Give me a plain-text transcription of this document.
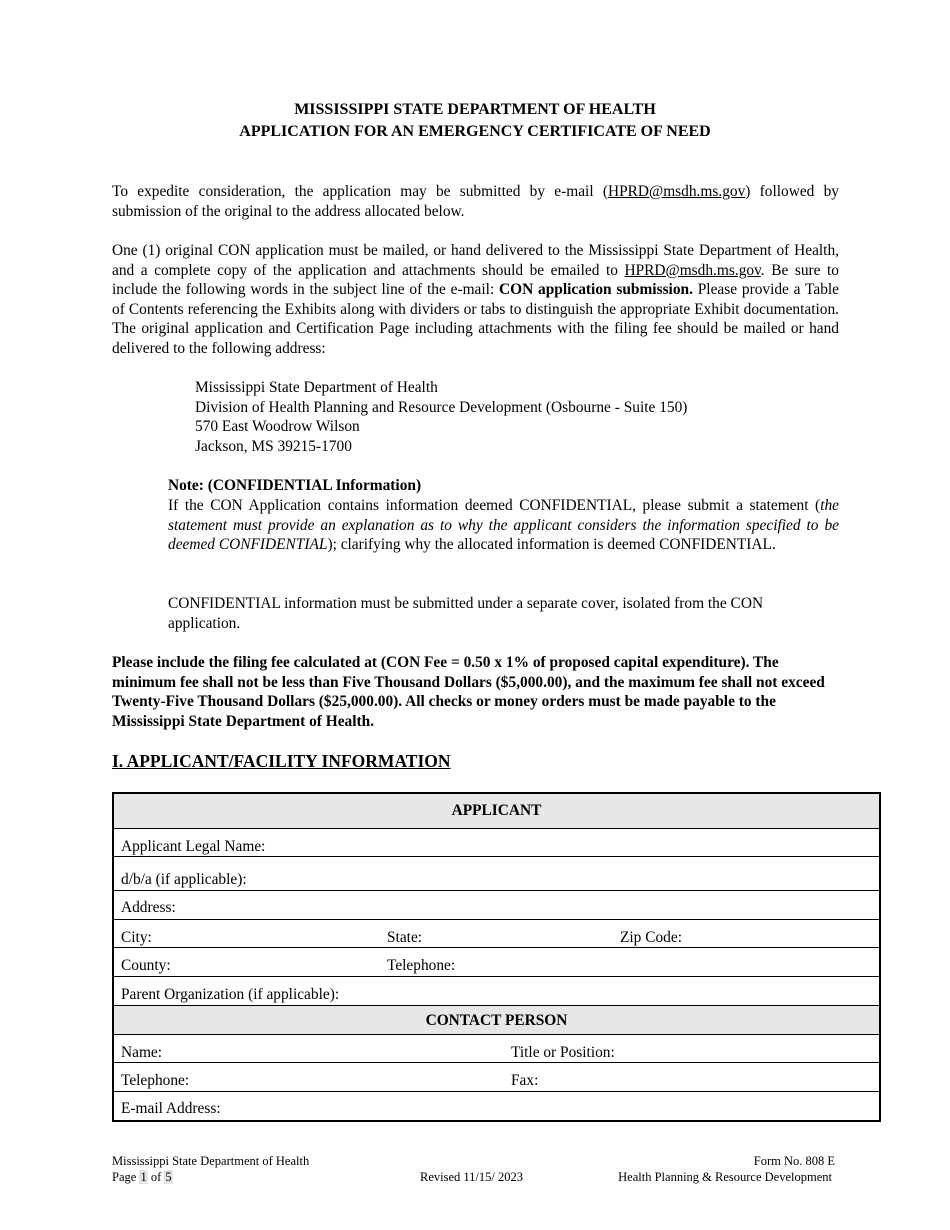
MISSISSIPPI STATE DEPARTMENT OF HEALTH
APPLICATION FOR AN EMERGENCY CERTIFICATE OF NEED

To expedite consideration, the application may be submitted by e-mail (HPRD@msdh.ms.gov) followed by submission of the original to the address allocated below.

One (1) original CON application must be mailed, or hand delivered to the Mississippi State Department of Health, and a complete copy of the application and attachments should be emailed to HPRD@msdh.ms.gov. Be sure to include the following words in the subject line of the e-mail: CON application submission. Please provide a Table of Contents referencing the Exhibits along with dividers or tabs to distinguish the appropriate Exhibit documentation. The original application and Certification Page including attachments with the filing fee should be mailed or hand delivered to the following address:

Mississippi State Department of Health
Division of Health Planning and Resource Development (Osbourne - Suite 150)
570 East Woodrow Wilson
Jackson, MS 39215-1700
Note: (CONFIDENTIAL Information)

If the CON Application contains information deemed CONFIDENTIAL, please submit a statement (the statement must provide an explanation as to why the applicant considers the information specified to be deemed CONFIDENTIAL); clarifying why the allocated information is deemed CONFIDENTIAL.

CONFIDENTIAL information must be submitted under a separate cover, isolated from the CON application.

Please include the filing fee calculated at (CON Fee = 0.50 x 1% of proposed capital expenditure). The minimum fee shall not be less than Five Thousand Dollars ($5,000.00), and the maximum fee shall not exceed Twenty-Five Thousand Dollars ($25,000.00). All checks or money orders must be made payable to the Mississippi State Department of Health.

I. APPLICANT/FACILITY INFORMATION
APPLICANT
Applicant Legal Name:
d/b/a (if applicable):
Address:
City:	State:	Zip Code:
County:	Telephone:
Parent Organization (if applicable):
CONTACT PERSON
Name:	Title or Position:
Telephone:	Fax:
E-mail Address:
Mississippi State Department of Health
Page 1 of 5	Revised 11/15/ 2023
Form No. 808 E
Health Planning & Resource Development
